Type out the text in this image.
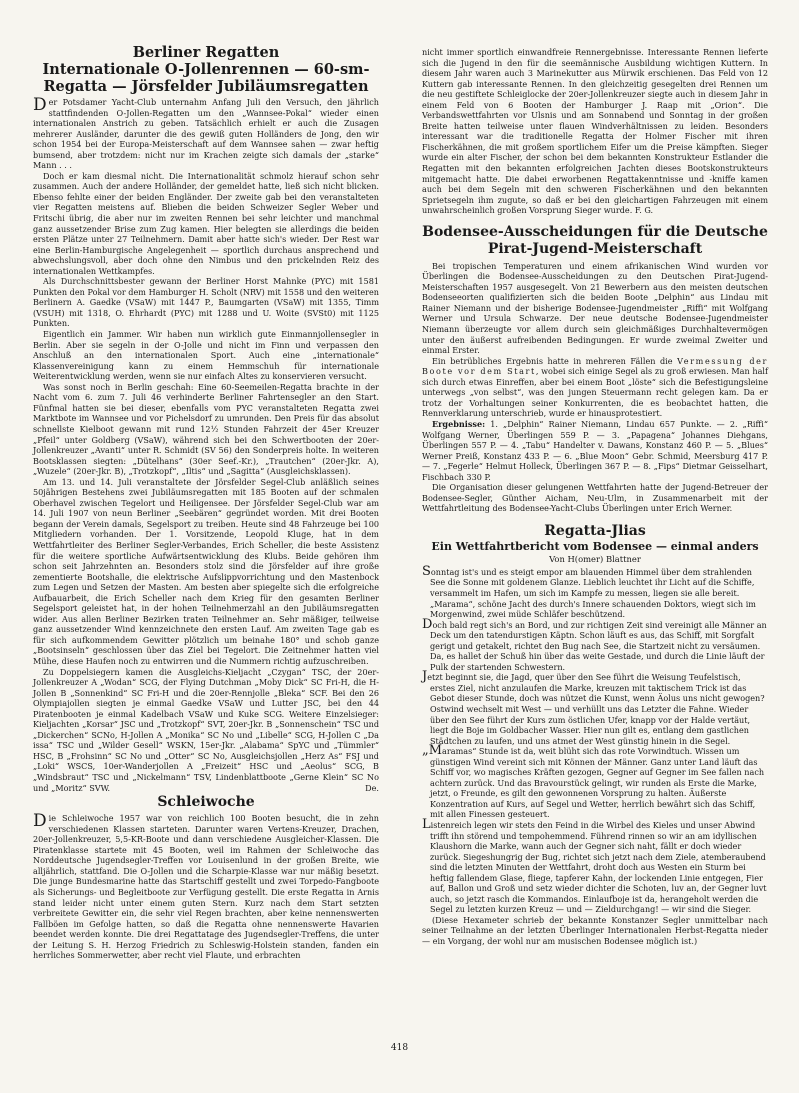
Berliner Regatten
Internationale O-Jollenrennen — 60-sm-
Regatta — Jörsfelder Jubiläumsregatten

Der Potsdamer Yacht-Club unternahm Anfang Juli den Versuch, den jährlich stattfindenden O-Jollen-Regatten um den „Wannsee-Pokal“ wieder einen internationalen Anstrich zu geben. Tatsächlich erhielt er auch die Zusagen mehrerer Ausländer, darunter die des gewiß guten Holländers de Jong, den wir schon 1954 bei der Europa-Meisterschaft auf dem Wannsee sahen — zwar heftig bumsend, aber trotzdem: nicht nur im Krachen zeigte sich damals der „starke“ Mann . . .

Doch er kam diesmal nicht. Die Internationalität schmolz hierauf schon sehr zusammen. Auch der andere Holländer, der gemeldet hatte, ließ sich nicht blicken. Ebenso fehlte einer der beiden Engländer. Der zweite gab bei den veranstalteten vier Regatten meistens auf. Blieben die beiden Schweizer Segler Weber und Fritschi übrig, die aber nur im zweiten Rennen bei sehr leichter und manchmal ganz aussetzender Brise zum Zug kamen. Hier belegten sie allerdings die beiden ersten Plätze unter 27 Teilnehmern. Damit aber hatte sich's wieder. Der Rest war eine Berlin-Hamburgische Angelegenheit — sportlich durchaus ansprechend und abwechslungsvoll, aber doch ohne den Nimbus und den prickelnden Reiz des internationalen Wettkampfes.

Als Durchschnittsbester gewann der Berliner Horst Mahnke (PYC) mit 1581 Punkten den Pokal vor dem Hamburger H. Scholt (NRV) mit 1558 und den weiteren Berlinern A. Gaedke (VSaW) mit 1447 P., Baumgarten (VSaW) mit 1355, Timm (VSUH) mit 1318, O. Ehrhardt (PYC) mit 1288 und U. Woite (SVSt0) mit 1125 Punkten.

Eigentlich ein Jammer. Wir haben nun wirklich gute Einmannjollensegler in Berlin. Aber sie segeln in der O-Jolle und nicht im Finn und verpassen den Anschluß an den internationalen Sport. Auch eine „internationale“ Klassenvereinigung kann zu einem Hemmschuh für internationale Weiterentwicklung werden, wenn sie nur einfach Altes zu konservieren versucht.

Was sonst noch in Berlin geschah: Eine 60-Seemeilen-Regatta brachte in der Nacht vom 6. zum 7. Juli 46 verhinderte Berliner Fahrtensegler an den Start. Fünfmal hatten sie bei dieser, ebenfalls vom PYC veranstalteten Regatta zwei Marktbote im Wannsee und vor Pichelsdorf zu umrunden. Den Preis für das absolut schnellste Kielboot gewann mit rund 12½ Stunden Fahrzeit der 45er Kreuzer „Pfeil“ unter Goldberg (VSaW), während sich bei den Schwertbooten der 20er-Jollenkreuzer „Avanti“ unter R. Schmidt (SV 56) den Sonderpreis holte. In weiteren Bootsklassen siegten: „Dütelhans“ (30er Seef.-Kr.), „Trautchen“ (20er-Jkr. A), „Wuzele“ (20er-Jkr. B), „Trotzkopf“, „Iltis“ und „Sagitta“ (Ausgleichsklassen).

Am 13. und 14. Juli veranstaltete der Jörsfelder Segel-Club anläßlich seines 50jährigen Bestehens zwei Jubiläumsregatten mit 185 Booten auf der schmalen Oberhavel zwischen Tegelort und Heiligensee. Der Jörsfelder Segel-Club war am 14. Juli 1907 von neun Berliner „Seebären“ gegründet worden. Mit drei Booten begann der Verein damals, Segelsport zu treiben. Heute sind 48 Fahrzeuge bei 100 Mitgliedern vorhanden. Der 1. Vorsitzende, Leopold Kluge, hat in dem Wettfahrtleiter des Berliner Segler-Verbandes, Erich Scheller, die beste Assistenz für die weitere sportliche Aufwärtsentwicklung des Klubs. Beide gehören ihm schon seit Jahrzehnten an. Besonders stolz sind die Jörsfelder auf ihre große zementierte Bootshalle, die elektrische Aufslippvorrichtung und den Mastenbock zum Legen und Setzen der Masten. Am besten aber spiegelte sich die erfolgreiche Aufbauarbeit, die Erich Scheller nach dem Krieg für den gesamten Berliner Segelsport geleistet hat, in der hohen Teilnehmerzahl an den Jubiläumsregatten wider. Aus allen Berliner Bezirken traten Teilnehmer an. Sehr mäßiger, teilweise ganz aussetzender Wind kennzeichnete den ersten Lauf. Am zweiten Tage gab es für sich aufkommendem Gewitter plötzlich um beinahe 180° und schob ganze „Bootsinseln“ geschlossen über das Ziel bei Tegelort. Die Zeitnehmer hatten viel Mühe, diese Haufen noch zu entwirren und die Nummern richtig aufzuschreiben.

Zu Doppelsiegern kamen die Ausgleichs-Kieljacht „Czygan“ TSC, der 20er-Jollenkreuzer A „Wodan“ SCG, der Flying Dutchman „Moby Dick“ SC Fri-H, die H-Jollen B „Sonnenkind“ SC Fri-H und die 20er-Rennjolle „Bleka“ SCF. Bei den 26 Olympiajollen siegten je einmal Gaedke VSaW und Lutter JSC, bei den 44 Piratenbooten je einmal Kadelbach VSaW und Kuke SCG. Weitere Einzelsieger: Kieljachten „Korsar“ JSC und „Trotzkopf“ SVT, 20er-Jkr. B „Sonnenschein“ TSC und „Dickerchen“ SCNo, H-Jollen A „Monika“ SC No und „Libelle“ SCG, H-Jollen C „Da issa“ TSC und „Wilder Gesell“ WSKN, 15er-Jkr. „Alabama“ SpYC und „Tümmler“ HSC, B „Frohsinn“ SC No und „Otter“ SC No, Ausgleichsjollen „Herz As“ FSJ und „Loki“ WSCS, 10er-Wanderjollen A „Freizeit“ HSC und „Aeolus“ SCG, B „Windsbraut“ TSC und „Nickelmann“ TSV, Lindenblattboote „Gerne Klein“ SC No und „Moritz“ SVW.	De.
Schleiwoche

Die Schleiwoche 1957 war von reichlich 100 Booten besucht, die in zehn verschiedenen Klassen starteten. Darunter waren Vertens-Kreuzer, Drachen, 20er-Jollenkreuzer, 5,5-KR-Boote und dann verschiedene Ausgleicher-Klassen. Die Piratenklasse startete mit 45 Booten, weil im Rahmen der Schleiwoche das Norddeutsche Jugendsegler-Treffen vor Louisenlund in der großen Breite, wie alljährlich, stattfand. Die O-Jollen und die Scharpie-Klasse war nur mäßig besetzt. Die junge Bundesmarine hatte das Startschiff gestellt und zwei Torpedo-Fangboote als Sicherungs- und Begleitboote zur Verfügung gestellt. Die erste Regatta in Arnis stand leider nicht unter einem guten Stern. Kurz nach dem Start setzten verbreitete Gewitter ein, die sehr viel Regen brachten, aber keine nennenswerten Fallböen im Gefolge hatten, so daß die Regatta ohne nennenswerte Havarien beendet werden konnte. Die drei Regattatage des Jugendsegler-Treffens, die unter der Leitung S. H. Herzog Friedrich zu Schleswig-Holstein standen, fanden ein herrliches Sommerwetter, aber recht viel Flaute, und erbrachten

nicht immer sportlich einwandfreie Rennergebnisse. Interessante Rennen lieferte sich die Jugend in den für die seemännische Ausbildung wichtigen Kuttern. In diesem Jahr waren auch 3 Marinekutter aus Mürwik erschienen. Das Feld von 12 Kuttern gab interessante Rennen. In den gleichzeitig gesegelten drei Rennen um die neu gestiftete Schleiglocke der 20er-Jollenkreuzer siegte auch in diesem Jahr in einem Feld von 6 Booten der Hamburger J. Raap mit „Orion“. Die Verbandswettfahrten vor Ulsnis und am Sonnabend und Sonntag in der großen Breite hatten teilweise unter flauen Windverhältnissen zu leiden. Besonders interessant war die traditionelle Regatta der Holmer Fischer mit ihren Fischerkähnen, die mit großem sportlichem Eifer um die Preise kämpften. Sieger wurde ein alter Fischer, der schon bei dem bekannten Konstrukteur Estlander die Regatten mit den bekannten erfolgreichen Jachten dieses Bootskonstrukteurs mitgemacht hatte. Die dabei erworbenen Regattakenntnisse und -kniffe kamen auch bei dem Segeln mit den schweren Fischerkähnen und den bekannten Sprietsegeln ihm zugute, so daß er bei den gleichartigen Fahrzeugen mit einem unwahrscheinlich großen Vorsprung Sieger wurde. F. G.

Bodensee-Ausscheidungen für die Deutsche
Pirat-Jugend-Meisterschaft

Bei tropischen Temperaturen und einem afrikanischen Wind wurden vor Überlingen die Bodensee-Ausscheidungen zu den Deutschen Pirat-Jugend-Meisterschaften 1957 ausgesegelt. Von 21 Bewerbern aus den meisten deutschen Bodenseeorten qualifizierten sich die beiden Boote „Delphin“ aus Lindau mit Rainer Niemann und der bisherige Bodensee-Jugendmeister „Riffi“ mit Wolfgang Werner und Ursula Schwarze. Der neue deutsche Bodensee-Jugendmeister Niemann überzeugte vor allem durch sein gleichmäßiges Durchhaltevermögen unter den äußerst aufreibenden Bedingungen. Er wurde zweimal Zweiter und einmal Erster.

Ein betrübliches Ergebnis hatte in mehreren Fällen die Vermessung der Boote vor dem Start, wobei sich einige Segel als zu groß erwiesen. Man half sich durch etwas Einreffen, aber bei einem Boot „löste“ sich die Befestigungsleine unterwegs „von selbst“, was den jungen Steuermann recht gelegen kam. Da er trotz der Vorhaltungen seiner Konkurrenten, die es beobachtet hatten, die Rennverklarung unterschrieb, wurde er hinausprotestiert.

Ergebnisse: 1. „Delphin“ Rainer Niemann, Lindau 657 Punkte. — 2. „Riffi“ Wolfgang Werner, Überlingen 559 P. — 3. „Papagena“ Johannes Diehgans, Überlingen 557 P. — 4. „Tabu“ Handelter v. Dawans, Konstanz 460 P. — 5. „Blues“ Werner Preiß, Konstanz 433 P. — 6. „Blue Moon“ Gebr. Schmid, Meersburg 417 P. — 7. „Fegerle“ Helmut Holleck, Überlingen 367 P. — 8. „Fips“ Dietmar Geisselhart, Fischbach 330 P.

Die Organisation dieser gelungenen Wettfahrten hatte der Jugend-Betreuer der Bodensee-Segler, Günther Aicham, Neu-Ulm, in Zusammenarbeit mit der Wettfahrtleitung des Bodensee-Yacht-Clubs Überlingen unter Erich Werner.

Regatta-Jlias
Ein Wettfahrtbericht vom Bodensee — einmal anders
Von H(omer) Blattner

Sonntag ist's und es steigt empor am blauenden Himmel über dem strahlenden See die Sonne mit goldenem Glanze. Lieblich leuchtet ihr Licht auf die Schiffe, versammelt im Hafen, um sich im Kampfe zu messen, liegen sie alle bereit. „Marama“, schöne Jacht des durch's Innere schauenden Doktors, wiegt sich im Morgenwind, zwei müde Schläfer beschützend.

Doch bald regt sich's an Bord, und zur richtigen Zeit sind vereinigt alle Männer an Deck um den tatendurstigen Käptn. Schon läuft es aus, das Schiff, mit Sorgfalt gerigt und getakelt, richtet den Bug nach See, die Startzeit nicht zu versäumen. Da, es hallet der Schuß hin über das weite Gestade, und durch die Linie läuft der Pulk der startenden Schwestern.

Jetzt beginnt sie, die Jagd, quer über den See führt die Weisung Teufelstisch, erstes Ziel, nicht anzulaufen die Marke, kreuzen mit taktischem Trick ist das Gebot dieser Stunde, doch was nützet die Kunst, wenn Äolus uns nicht gewogen? Ostwind wechselt mit West — und verhüllt uns das Letzter die Fahne. Wieder über den See führt der Kurs zum östlichen Ufer, knapp vor der Halde vertäut, liegt die Boje im Goldbacher Wasser. Hier nun gilt es, entlang dem gastlichen Städtchen zu laufen, und uns atmet der West günstig hinein in die Segel.

„Maramas“ Stunde ist da, weit blüht sich das rote Vorwindtuch. Wissen um günstigen Wind vereint sich mit Können der Männer. Ganz unter Land läuft das Schiff vor, wo magisches Kräften gezogen, Gegner auf Gegner im See fallen nach achtern zurück. Und das Bravourstück gelingt, wir runden als Erste die Marke, jetzt, o Freunde, es gilt den gewonnenen Vorsprung zu halten. Äußerste Konzentration auf Kurs, auf Segel und Wetter, herrlich bewährt sich das Schiff, mit allen Finessen gesteuert.

Listenreich legen wir stets den Feind in die Wirbel des Kieles und unser Abwind trifft ihn störend und tempohemmend. Führend rinnen so wir an am idyllischen Klaushorn die Marke, wann auch der Gegner sich naht, fällt er doch wieder zurück. Siegeshungrig der Bug, richtet sich jetzt nach dem Ziele, atemberaubend sind die letzten Minuten der Wettfahrt, droht doch aus Westen ein Sturm bei heftig fallendem Glase, fliege, tapferer Kahn, der lockenden Linie entgegen, Fier auf, Ballon und Groß und setz wieder dichter die Schoten, luv an, der Gegner luvt auch, so jetzt rasch die Kommandos. Einlaufboje ist da, herangeholt werden die Segel zu letzten kurzen Kreuz — und — Zieldurchgang! — wir sind die Sieger.

(Diese Hexameter schrieb der bekannte Konstanzer Segler unmittelbar nach seiner Teilnahme an der letzten Überlinger Internationalen Herbst-Regatta nieder — ein Vorgang, der wohl nur am musischen Bodensee möglich ist.)

418
